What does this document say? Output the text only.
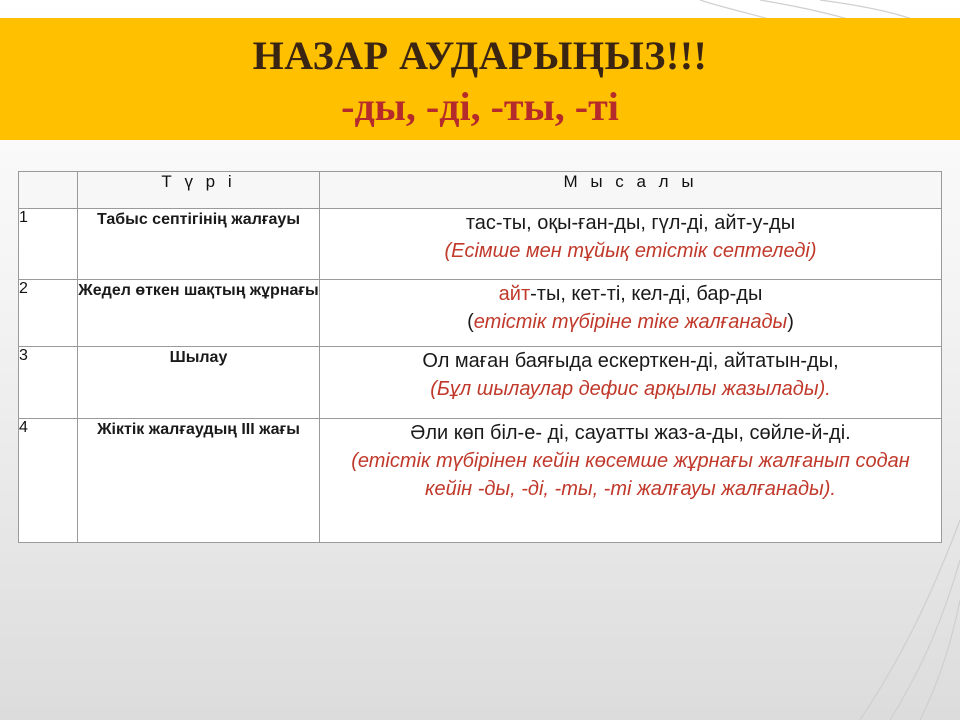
НАЗАР АУДАРЫҢЫЗ!!!
-ды, -ді, -ты, -ті
	Т ү р і	М ы с а л ы
1	Табыс септігінің жалғауы	тас-ты, оқы-ған-ды, гүл-ді, айт-у-ды
(Есімше мен тұйық етістік септеледі)

2	Жедел өткен шақтың жұрнағы	айт-ты, кет-ті, кел-ді, бар-ды
(етістік түбіріне тіке жалғанады)

3	Шылау	Ол маған баяғыда ескерткен-ді, айтатын-ды,
(Бұл шылаулар дефис арқылы жазылады).

4	Жіктік жалғаудың ІІІ жағы	Әли көп біл-е- ді, сауатты жаз-а-ды, сөйле-й-ді.
(етістік түбірінен кейін көсемше жұрнағы жалғанып содан кейін -ды, -ді, -ты, -ті жалғауы жалғанады).
